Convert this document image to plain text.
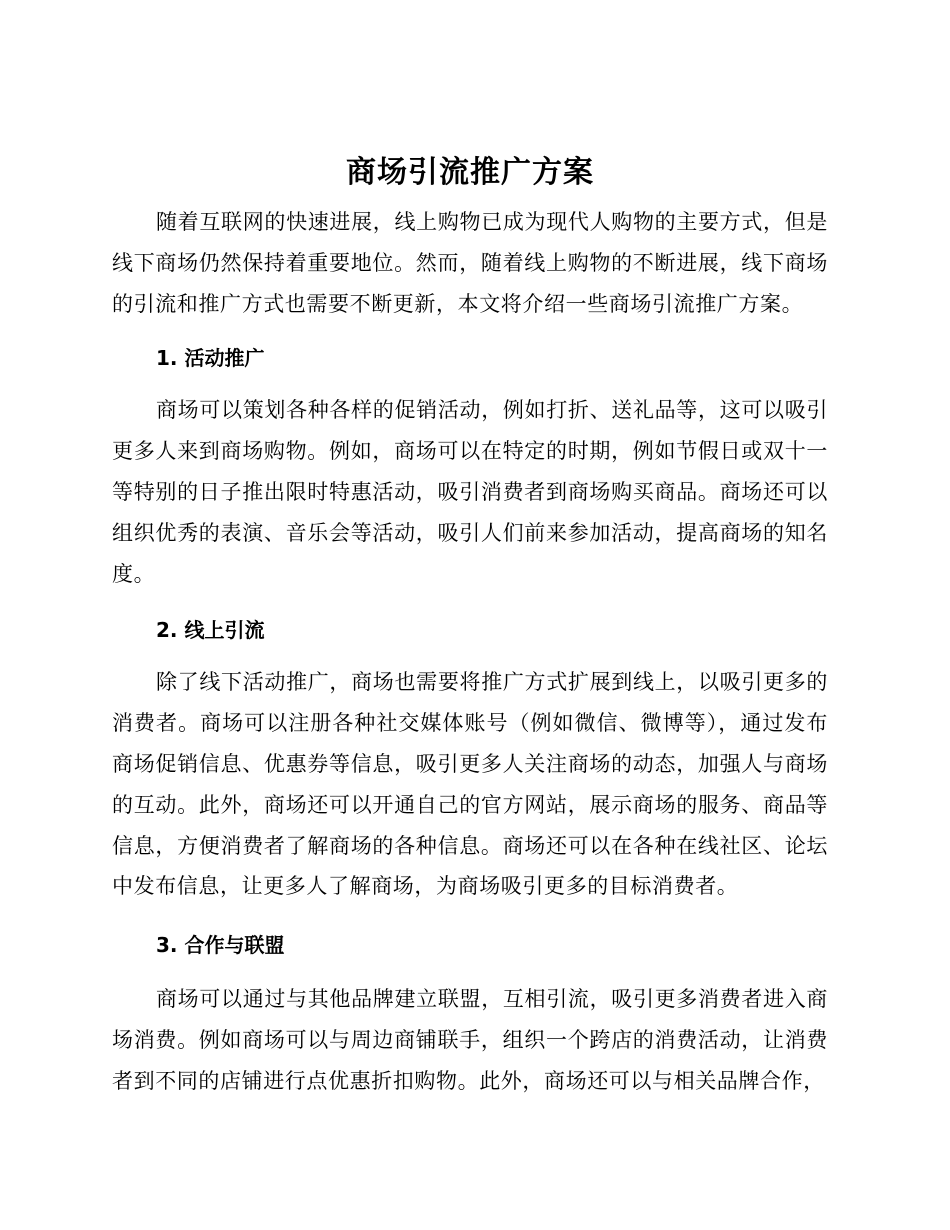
商场引流推广方案

随着互联网的快速进展，线上购物已成为现代人购物的主要方式，但是线下商场仍然保持着重要地位。然而，随着线上购物的不断进展，线下商场的引流和推广方式也需要不断更新，本文将介绍一些商场引流推广方案。

1. 活动推广

商场可以策划各种各样的促销活动，例如打折、送礼品等，这可以吸引更多人来到商场购物。例如，商场可以在特定的时期，例如节假日或双十一等特别的日子推出限时特惠活动，吸引消费者到商场购买商品。商场还可以组织优秀的表演、音乐会等活动，吸引人们前来参加活动，提高商场的知名度。

2. 线上引流

除了线下活动推广，商场也需要将推广方式扩展到线上，以吸引更多的消费者。商场可以注册各种社交媒体账号（例如微信、微博等），通过发布商场促销信息、优惠券等信息，吸引更多人关注商场的动态，加强人与商场的互动。此外，商场还可以开通自己的官方网站，展示商场的服务、商品等信息，方便消费者了解商场的各种信息。商场还可以在各种在线社区、论坛中发布信息，让更多人了解商场，为商场吸引更多的目标消费者。

3. 合作与联盟

商场可以通过与其他品牌建立联盟，互相引流，吸引更多消费者进入商场消费。例如商场可以与周边商铺联手，组织一个跨店的消费活动，让消费者到不同的店铺进行点优惠折扣购物。此外，商场还可以与相关品牌合作，
